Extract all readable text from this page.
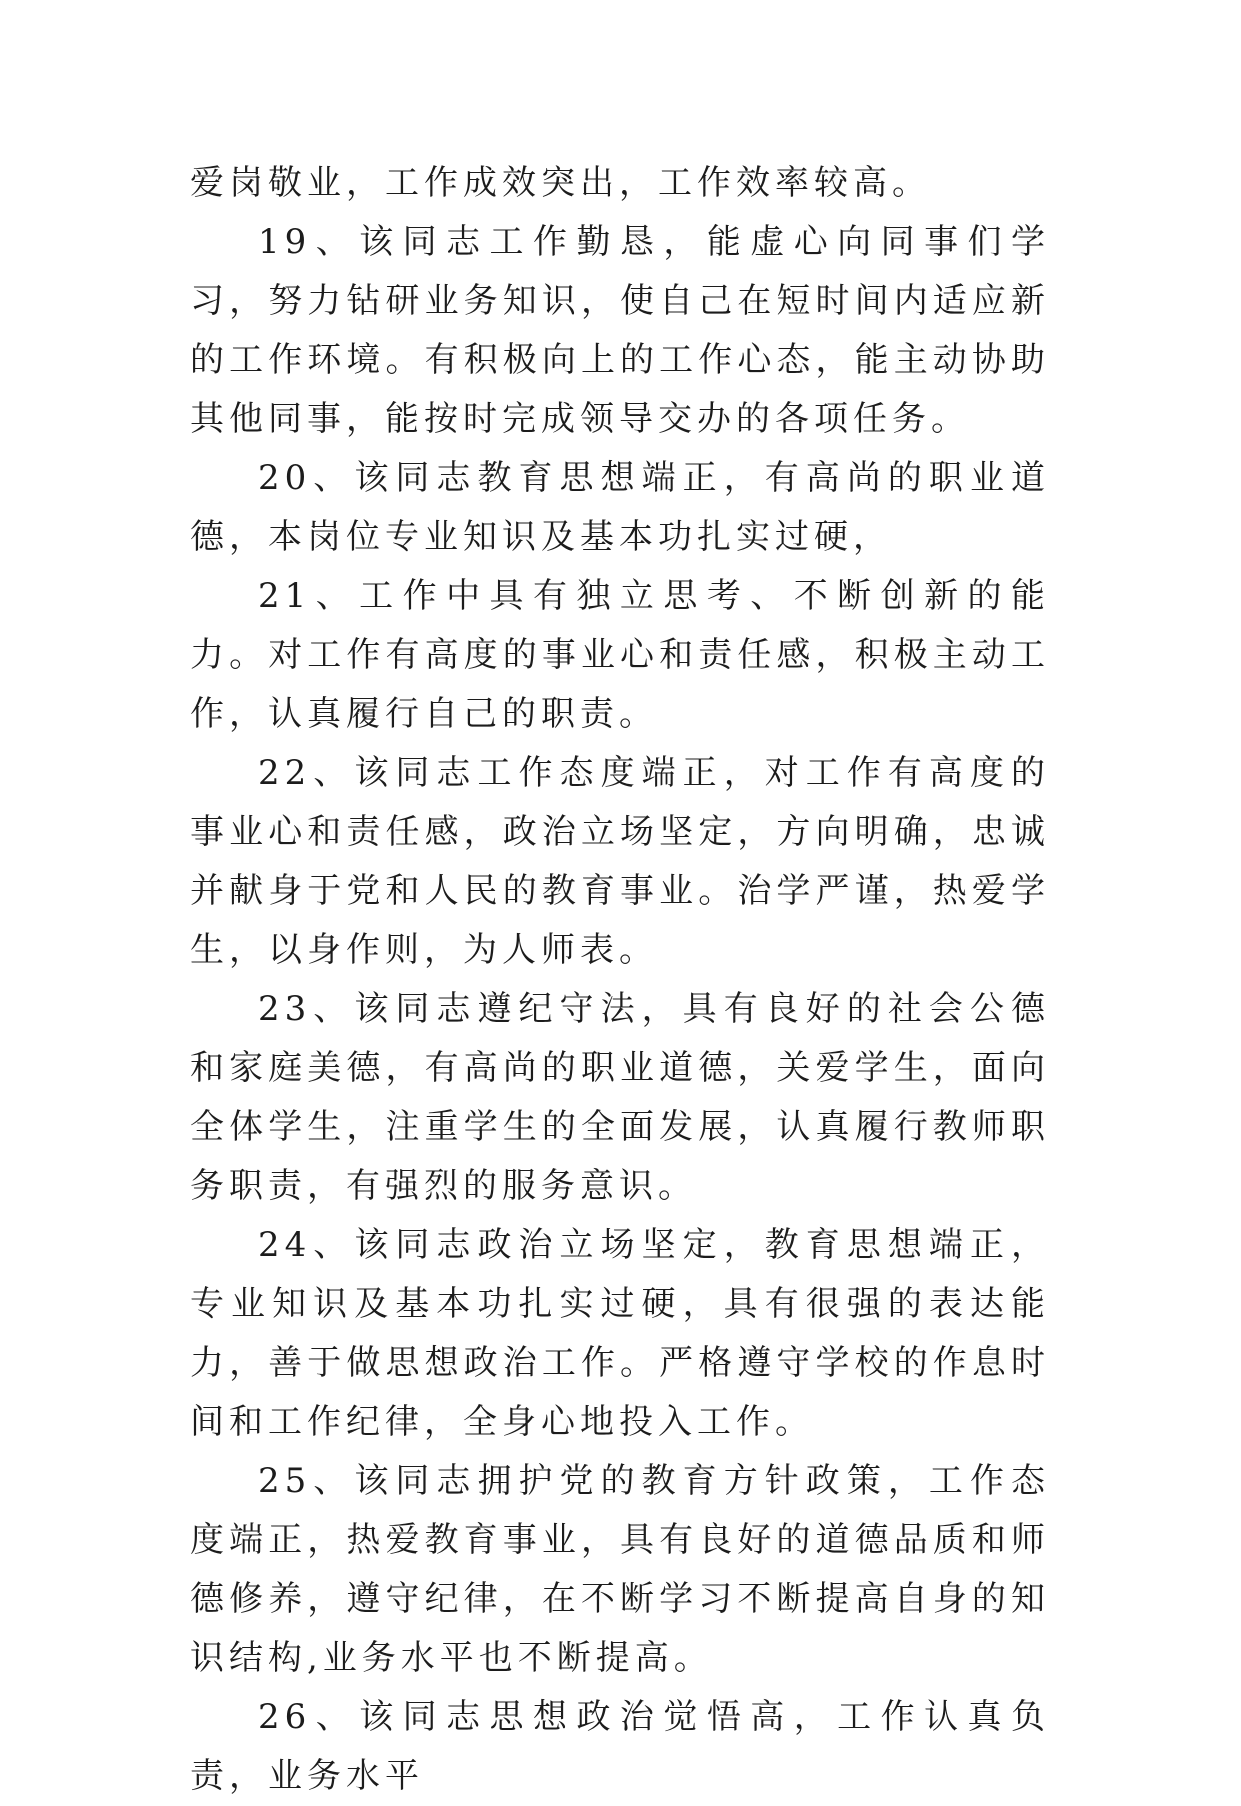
爱岗敬业，工作成效突出，工作效率较高。

19、该同志工作勤恳，能虚心向同事们学习，努力钻研业务知识，使自己在短时间内适应新的工作环境。有积极向上的工作心态，能主动协助其他同事，能按时完成领导交办的各项任务。

20、该同志教育思想端正，有高尚的职业道德，本岗位专业知识及基本功扎实过硬，

21、工作中具有独立思考、不断创新的能力。对工作有高度的事业心和责任感，积极主动工作，认真履行自己的职责。

22、该同志工作态度端正，对工作有高度的事业心和责任感，政治立场坚定，方向明确，忠诚并献身于党和人民的教育事业。治学严谨，热爱学生，以身作则，为人师表。

23、该同志遵纪守法，具有良好的社会公德和家庭美德，有高尚的职业道德，关爱学生，面向全体学生，注重学生的全面发展，认真履行教师职务职责，有强烈的服务意识。

24、该同志政治立场坚定，教育思想端正，专业知识及基本功扎实过硬，具有很强的表达能力，善于做思想政治工作。严格遵守学校的作息时间和工作纪律，全身心地投入工作。

25、该同志拥护党的教育方针政策，工作态度端正，热爱教育事业，具有良好的道德品质和师德修养，遵守纪律，在不断学习不断提高自身的知识结构,业务水平也不断提高。

26、该同志思想政治觉悟高，工作认真负责，业务水平
